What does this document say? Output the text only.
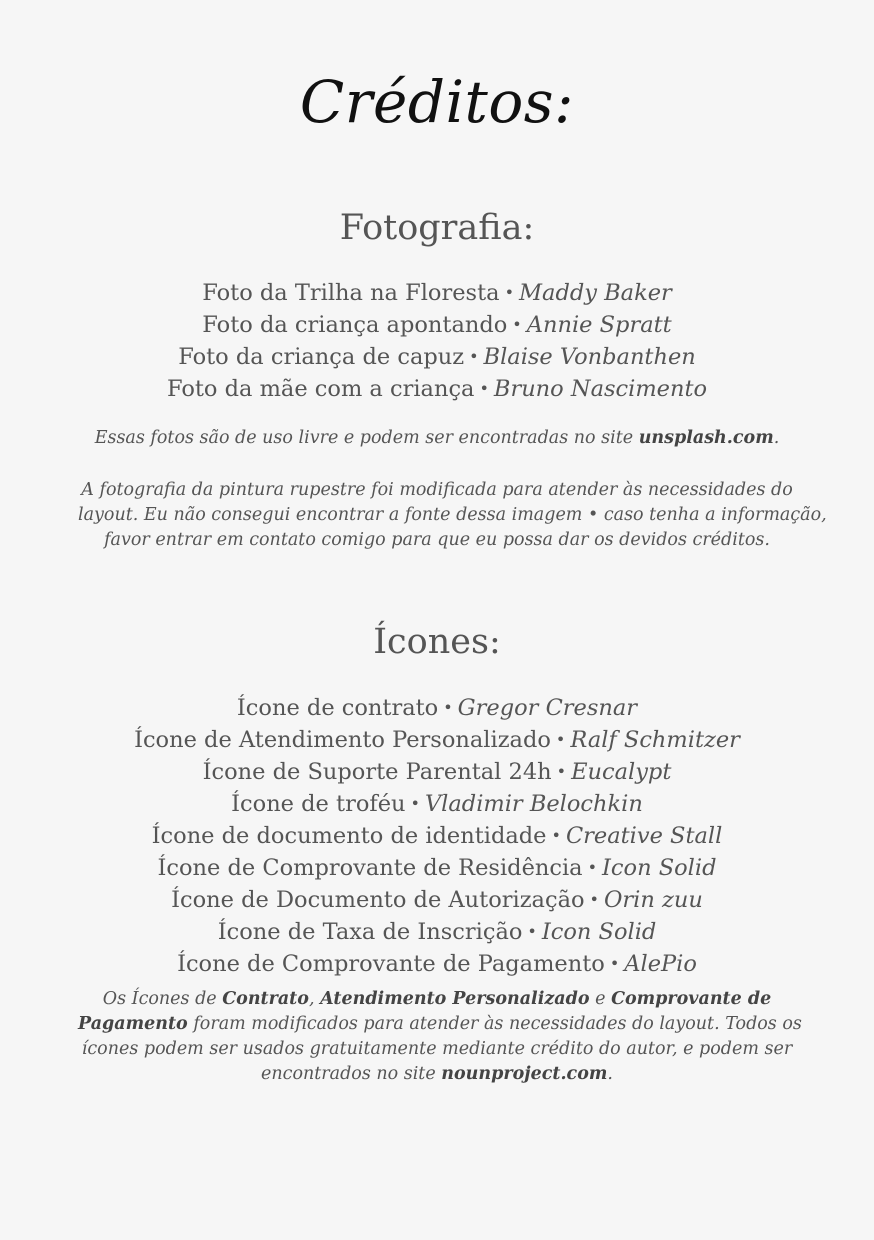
Créditos:
Fotografia:
Foto da Trilha na Floresta • Maddy Baker
Foto da criança apontando • Annie Spratt
Foto da criança de capuz • Blaise Vonbanthen
Foto da mãe com a criança • Bruno Nascimento

Essas fotos são de uso livre e podem ser encontradas no site unsplash.com.

A fotografia da pintura rupestre foi modificada para atender às necessidades do
layout. Eu não consegui encontrar a fonte dessa imagem • caso tenha a informação,
favor entrar em contato comigo para que eu possa dar os devidos créditos.

Ícones:
Ícone de contrato • Gregor Cresnar
Ícone de Atendimento Personalizado • Ralf Schmitzer
Ícone de Suporte Parental 24h • Eucalypt
Ícone de troféu • Vladimir Belochkin
Ícone de documento de identidade • Creative Stall
Ícone de Comprovante de Residência • Icon Solid
Ícone de Documento de Autorização • Orin zuu
Ícone de Taxa de Inscrição • Icon Solid
Ícone de Comprovante de Pagamento • AlePio

Os Ícones de Contrato, Atendimento Personalizado e Comprovante de
Pagamento foram modificados para atender às necessidades do layout. Todos os
ícones podem ser usados gratuitamente mediante crédito do autor, e podem ser
encontrados no site nounproject.com.
